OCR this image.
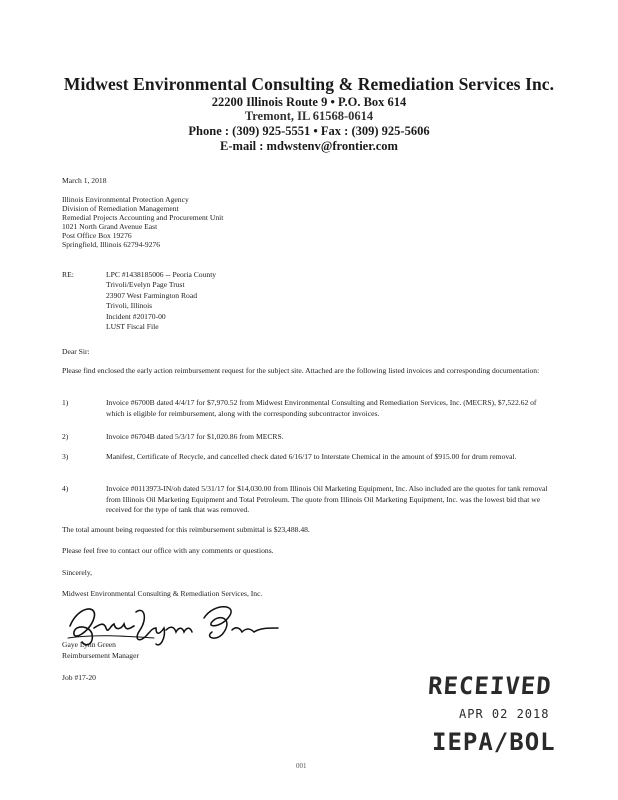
Midwest Environmental Consulting & Remediation Services Inc.
22200 Illinois Route 9 • P.O. Box 614
Tremont, IL 61568-0614
Phone : (309) 925-5551 • Fax : (309) 925-5606
E-mail : mdwstenv@frontier.com
March 1, 2018
Illinois Environmental Protection Agency
Division of Remediation Management
Remedial Projects Accounting and Procurement Unit
1021 North Grand Avenue East
Post Office Box 19276
Springfield, Illinois 62794-9276
RE:	LPC #1438185006 -- Peoria County
Trivoli/Evelyn Page Trust
23907 West Farmington Road
Trivoli, Illinois
Incident #20170-00
LUST Fiscal File
Dear Sir:
Please find enclosed the early action reimbursement request for the subject site. Attached are the following listed invoices and corresponding documentation:
1)	Invoice #6700B dated 4/4/17 for $7,970.52 from Midwest Environmental Consulting and Remediation Services, Inc. (MECRS), $7,522.62 of which is eligible for reimbursement, along with the corresponding subcontractor invoices.
2)	Invoice #6704B dated 5/3/17 for $1,020.86 from MECRS.
3)	Manifest, Certificate of Recycle, and cancelled check dated 6/16/17 to Interstate Chemical in the amount of $915.00 for drum removal.
4)	Invoice #0113973-IN/oh dated 5/31/17 for $14,030.00 from Illinois Oil Marketing Equipment, Inc. Also included are the quotes for tank removal from Illinois Oil Marketing Equipment and Total Petroleum. The quote from Illinois Oil Marketing Equipment, Inc. was the lowest bid that we received for the type of tank that was removed.
The total amount being requested for this reimbursement submittal is $23,488.48.
Please feel free to contact our office with any comments or questions.
Sincerely,
Midwest Environmental Consulting & Remediation Services, Inc.
Gaye Lynn Green
Reimbursement Manager
Job #17-20	RECEIVED
APR 02 2018
IEPA/BOL
001
